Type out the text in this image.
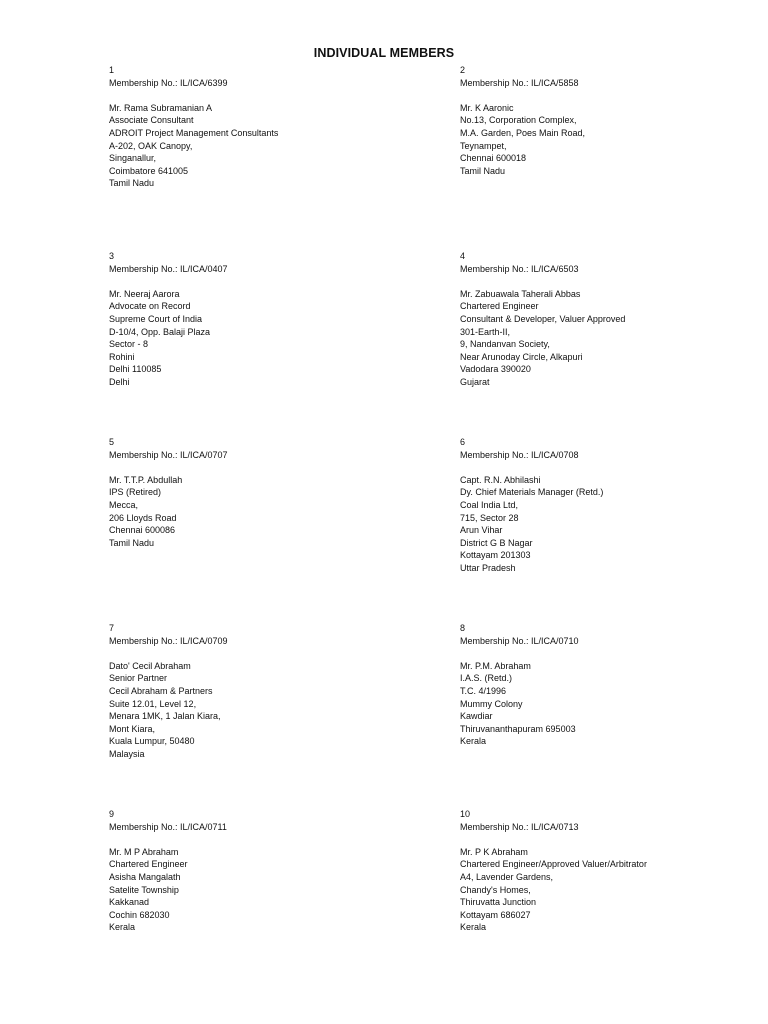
INDIVIDUAL MEMBERS
1
Membership No.: IL/ICA/6399
Mr. Rama Subramanian A
Associate Consultant
ADROIT Project Management Consultants
A-202, OAK Canopy,
Singanallur,
Coimbatore 641005
Tamil Nadu
2
Membership No.: IL/ICA/5858
Mr. K Aaronic
No.13, Corporation Complex,
M.A. Garden, Poes Main Road,
Teynampet,
Chennai 600018
Tamil Nadu
3
Membership No.: IL/ICA/0407
Mr. Neeraj Aarora
Advocate on Record
Supreme Court of India
D-10/4, Opp. Balaji Plaza
Sector - 8
Rohini
Delhi 110085
Delhi
4
Membership No.: IL/ICA/6503
Mr. Zabuawala Taherali Abbas
Chartered Engineer
Consultant & Developer, Valuer Approved
301-Earth-II,
9, Nandanvan Society,
Near Arunoday Circle, Alkapuri
Vadodara 390020
Gujarat
5
Membership No.: IL/ICA/0707
Mr. T.T.P. Abdullah
IPS (Retired)
Mecca,
206 Lloyds Road
Chennai 600086
Tamil Nadu
6
Membership No.: IL/ICA/0708
Capt. R.N. Abhilashi
Dy. Chief Materials Manager (Retd.)
Coal India Ltd,
715, Sector 28
Arun Vihar
District G B Nagar
Kottayam 201303
Uttar Pradesh
7
Membership No.: IL/ICA/0709
Dato' Cecil Abraham
Senior Partner
Cecil Abraham & Partners
Suite 12.01, Level 12,
Menara 1MK, 1 Jalan Kiara,
Mont Kiara,
Kuala Lumpur, 50480
Malaysia
8
Membership No.: IL/ICA/0710
Mr. P.M. Abraham
I.A.S. (Retd.)
T.C. 4/1996
Mummy Colony
Kawdiar
Thiruvananthapuram 695003
Kerala
9
Membership No.: IL/ICA/0711
Mr. M P Abraham
Chartered Engineer
Asisha Mangalath
Satelite Township
Kakkanad
Cochin 682030
Kerala
10
Membership No.: IL/ICA/0713
Mr. P K Abraham
Chartered Engineer/Approved Valuer/Arbitrator
A4, Lavender Gardens,
Chandy's Homes,
Thiruvatta Junction
Kottayam 686027
Kerala
